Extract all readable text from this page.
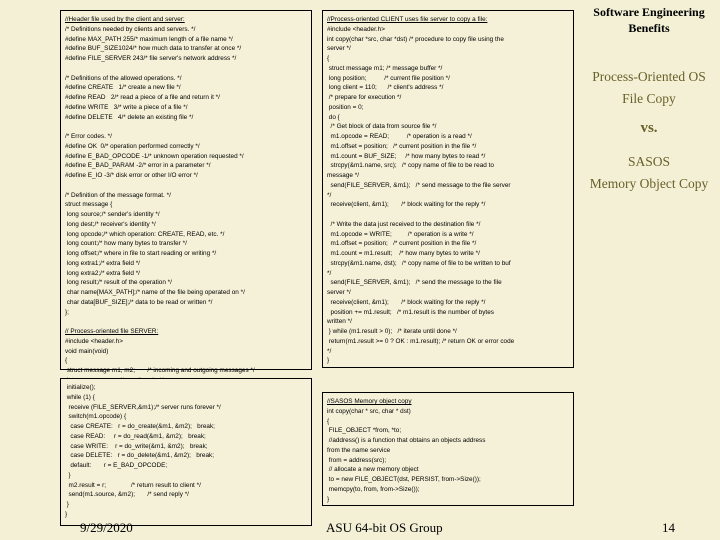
//Header file used by the client and server:
/* Definitions needed by clients and servers. */
#define MAX_PATH 255/* maximum length of a file name */
#define BUF_SIZE1024/* how much data to transfer at once */
#define FILE_SERVER 243/* file server's network address */
/* Definitions of the allowed operations. */
#define CREATE   1/* create a new file */
#define READ   2/* read a piece of a file and return it */
#define WRITE   3/* write a piece of a file */
#define DELETE   4/* delete an existing file */
/* Error codes. */
#define OK  0/* operation performed correctly */
#define E_BAD_OPCODE -1/* unknown operation requested */
#define E_BAD_PARAM -2/* error in a parameter */
#define E_IO -3/* disk error or other I/O error */
/* Definition of the message format. */
struct message {
long source;/* sender's identity */
long dest;/* receiver's identity */
long opcode;/* which operation: CREATE, READ, etc. */
long count;/* how many bytes to transfer */
long offset;/* where in file to start reading or writing */
long extra1;/* extra field */
long extra2;/* extra field */
long result;/* result of the operation */
char name[MAX_PATH];/* name of the file being operated on */
char data[BUF_SIZE];/* data to be read or written */
};
// Process-oriented file SERVER:
#include <header.h>
void main(void)
{
struct message m1, m2;       /* incoming and outgoing messages */
initialize();
while (1) {
receive (FILE_SERVER,&m1);/* server runs forever */
switch(m1.opcode) {
case CREATE:   r = do_create(&m1, &m2);   break;
case READ:     r = do_read(&m1, &m2);   break;
case WRITE:    r = do_write(&m1, &m2);   break;
case DELETE:   r = do_delete(&m1, &m2);   break;
default:       r = E_BAD_OPCODE;
}
m2.result = r;              /* return result to client */
send(m1.source, &m2);       /* send reply */
}
}
//Process-oriented CLIENT uses file server to copy a file:
#include <header.h>
int copy(char *src, char *dst) /* procedure to copy file using the
server */
{
struct message m1; /* message buffer */
long position;          /* current file position */
long client = 110;      /* client's address */
/* prepare for execution */
position = 0;
do {
/* Get block of data from source file */
m1.opcode = READ;          /* operation is a read */
m1.offset = position;   /* current position in the file */
m1.count = BUF_SIZE;     /* how many bytes to read */
strcpy(&m1.name, src);   /* copy name of file to be read to
message */
send(FILE_SERVER, &m1);   /* send message to the file server
*/
receive(client, &m1);       /* block waiting for the reply */
/* Write the data just received to the destination file */
m1.opcode = WRITE;         /* operation is a write */
m1.offset = position;   /* current position in the file */
m1.count = m1.result;    /* how many bytes to write */
strcpy(&m1.name, dst);   /* copy name of file to be written to buf
*/
send(FILE_SERVER, &m1);   /* send the message to the file
server */
receive(client, &m1);       /* block waiting for the reply */
position += m1.result;   /* m1.result is the number of bytes
written */
} while (m1.result > 0);   /* iterate until done */
return(m1.result >= 0 ? OK : m1.result); /* return OK or error code
*/
}
//SASOS Memory object copy
int copy(char * src, char * dst)
{
FILE_OBJECT *from, *to;
//address() is a function that obtains an objects address
from the name service
from = address(src);
// allocate a new memory object
to = new FILE_OBJECT(dst, PERSIST, from->Size());
memcpy(to, from, from->Size());
}
Software Engineering Benefits
Process-Oriented OS
File Copy
vs.
SASOS
Memory Object Copy
9/29/2020	ASU 64-bit OS Group	14
